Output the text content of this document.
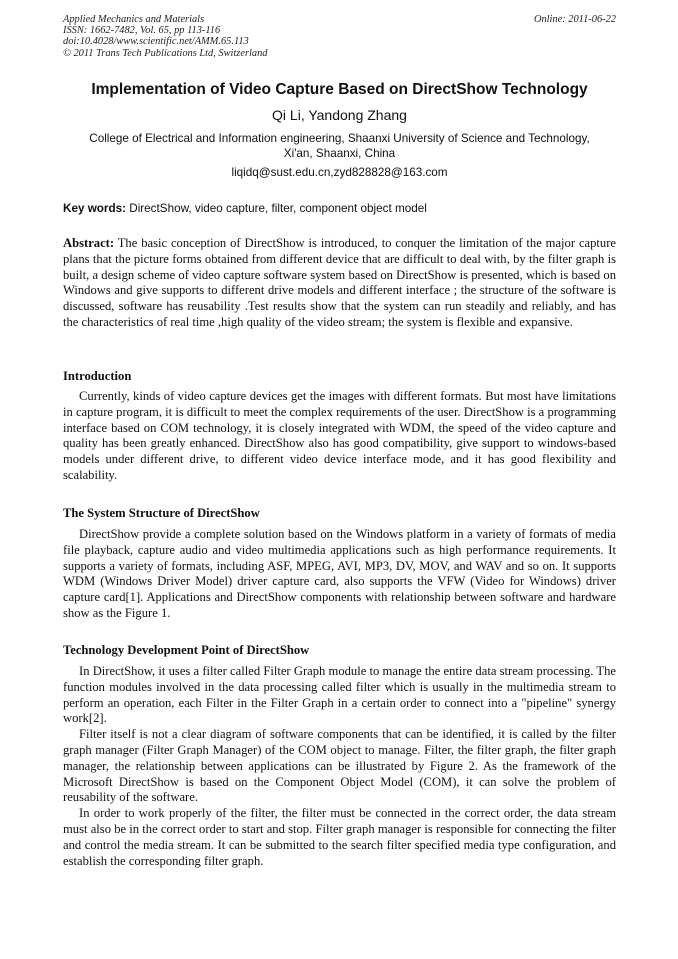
Applied Mechanics and Materials
ISSN: 1662-7482, Vol. 65, pp 113-116
doi:10.4028/www.scientific.net/AMM.65.113
© 2011 Trans Tech Publications Ltd, Switzerland
Online: 2011-06-22
Implementation of Video Capture Based on DirectShow Technology
Qi Li, Yandong Zhang
College of Electrical and Information engineering, Shaanxi University of Science and Technology,
Xi'an, Shaanxi, China
liqidq@sust.edu.cn,zyd828828@163.com
Key words: DirectShow, video capture, filter, component object model

Abstract: The basic conception of DirectShow is introduced, to conquer the limitation of the major capture plans that the picture forms obtained from different device that are difficult to deal with, by the filter graph is built, a design scheme of video capture software system based on DirectShow is presented, which is based on Windows and give supports to different drive models and different interface ; the structure of the software is discussed, software has reusability .Test results show that the system can run steadily and reliably, and has the characteristics of real time ,high quality of the video stream; the system is flexible and expansive.

Introduction

Currently, kinds of video capture devices get the images with different formats. But most have limitations in capture program, it is difficult to meet the complex requirements of the user. DirectShow is a programming interface based on COM technology, it is closely integrated with WDM, the speed of the video capture and quality has been greatly enhanced. DirectShow also has good compatibility, give support to windows-based models under different drive, to different video device interface mode, and it has good flexibility and scalability.

The System Structure of DirectShow

DirectShow provide a complete solution based on the Windows platform in a variety of formats of media file playback, capture audio and video multimedia applications such as high performance requirements. It supports a variety of formats, including ASF, MPEG, AVI, MP3, DV, MOV, and WAV and so on. It supports WDM (Windows Driver Model) driver capture card, also supports the VFW (Video for Windows) driver capture card[1]. Applications and DirectShow components with relationship between software and hardware show as the Figure 1.

Technology Development Point of DirectShow

In DirectShow, it uses a filter called Filter Graph module to manage the entire data stream processing. The function modules involved in the data processing called filter which is usually in the multimedia stream to perform an operation, each Filter in the Filter Graph in a certain order to connect into a "pipeline" synergy work[2].

Filter itself is not a clear diagram of software components that can be identified, it is called by the filter graph manager (Filter Graph Manager) of the COM object to manage. Filter, the filter graph, the filter graph manager, the relationship between applications can be illustrated by Figure 2. As the framework of the Microsoft DirectShow is based on the Component Object Model (COM), it can solve the problem of reusability of the software.

In order to work properly of the filter, the filter must be connected in the correct order, the data stream must also be in the correct order to start and stop. Filter graph manager is responsible for connecting the filter and control the media stream. It can be submitted to the search filter specified media type configuration, and establish the corresponding filter graph.
